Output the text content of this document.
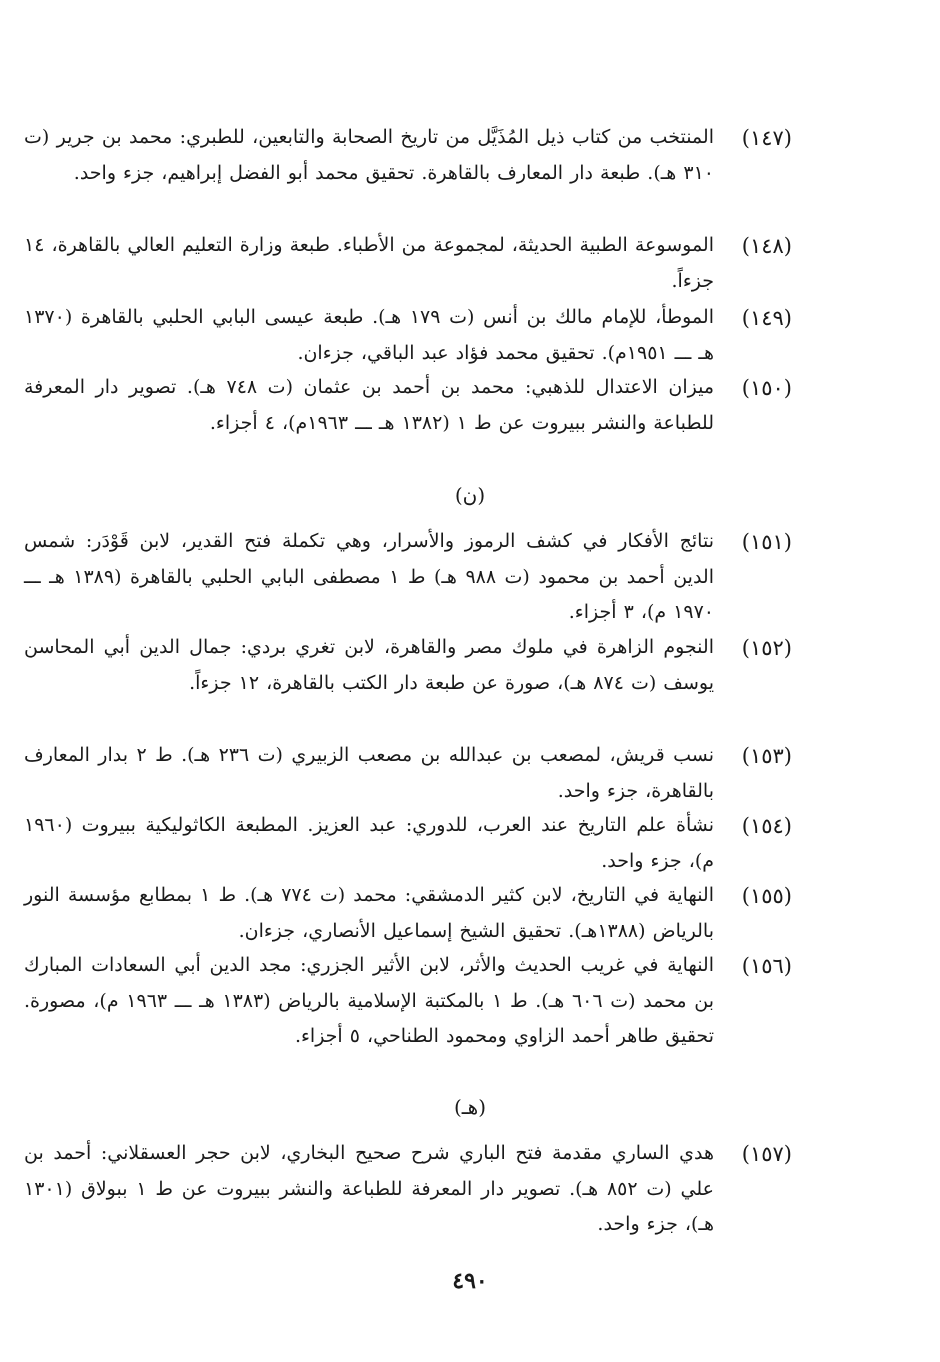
(١٤٧)
المنتخب من كتاب ذيل المُذَيَّل من تاريخ الصحابة والتابعين، للطبري: محمد بن جرير (ت ٣١٠ هـ). طبعة دار المعارف بالقاهرة. تحقيق محمد أبو الفضل إبراهيم، جزء واحد.
(١٤٨)
الموسوعة الطبية الحديثة، لمجموعة من الأطباء. طبعة وزارة التعليم العالي بالقاهرة، ١٤ جزءاً.
(١٤٩)
الموطأ، للإمام مالك بن أنس (ت ١٧٩ هـ). طبعة عيسى البابي الحلبي بالقاهرة (١٣٧٠ هـ ـــ ١٩٥١م). تحقيق محمد فؤاد عبد الباقي، جزءان.
(١٥٠)
ميزان الاعتدال للذهبي: محمد بن أحمد بن عثمان (ت ٧٤٨ هـ). تصوير دار المعرفة للطباعة والنشر ببيروت عن ط ١ (١٣٨٢ هـ ـــ ١٩٦٣م)، ٤ أجزاء.
(ن)
(١٥١)
نتائج الأفكار في كشف الرموز والأسرار، وهي تكملة فتح القدير، لابن قَوْدَر: شمس الدين أحمد بن محمود (ت ٩٨٨ هـ) ط ١ مصطفى البابي الحلبي بالقاهرة (١٣٨٩ هـ ـــ ١٩٧٠ م)، ٣ أجزاء.
(١٥٢)
النجوم الزاهرة في ملوك مصر والقاهرة، لابن تغري بردي: جمال الدين أبي المحاسن يوسف (ت ٨٧٤ هـ)، صورة عن طبعة دار الكتب بالقاهرة، ١٢ جزءاً.
(١٥٣)
نسب قريش، لمصعب بن عبدالله بن مصعب الزبيري (ت ٢٣٦ هـ). ط ٢ بدار المعارف بالقاهرة، جزء واحد.
(١٥٤)
نشأة علم التاريخ عند العرب، للدوري: عبد العزيز. المطبعة الكاثوليكية ببيروت (١٩٦٠ م)، جزء واحد.
(١٥٥)
النهاية في التاريخ، لابن كثير الدمشقي: محمد (ت ٧٧٤ هـ). ط ١ بمطابع مؤسسة النور بالرياض (١٣٨٨هـ). تحقيق الشيخ إسماعيل الأنصاري، جزءان.
(١٥٦)
النهاية في غريب الحديث والأثر، لابن الأثير الجزري: مجد الدين أبي السعادات المبارك بن محمد (ت ٦٠٦ هـ). ط ١ بالمكتبة الإسلامية بالرياض (١٣٨٣ هـ ـــ ١٩٦٣ م)، مصورة. تحقيق طاهر أحمد الزاوي ومحمود الطناحي، ٥ أجزاء.
(هـ)
(١٥٧)
هدي الساري مقدمة فتح الباري شرح صحيح البخاري، لابن حجر العسقلاني: أحمد بن علي (ت ٨٥٢ هـ). تصوير دار المعرفة للطباعة والنشر ببيروت عن ط ١ ببولاق (١٣٠١ هـ)، جزء واحد.
٤٩٠
